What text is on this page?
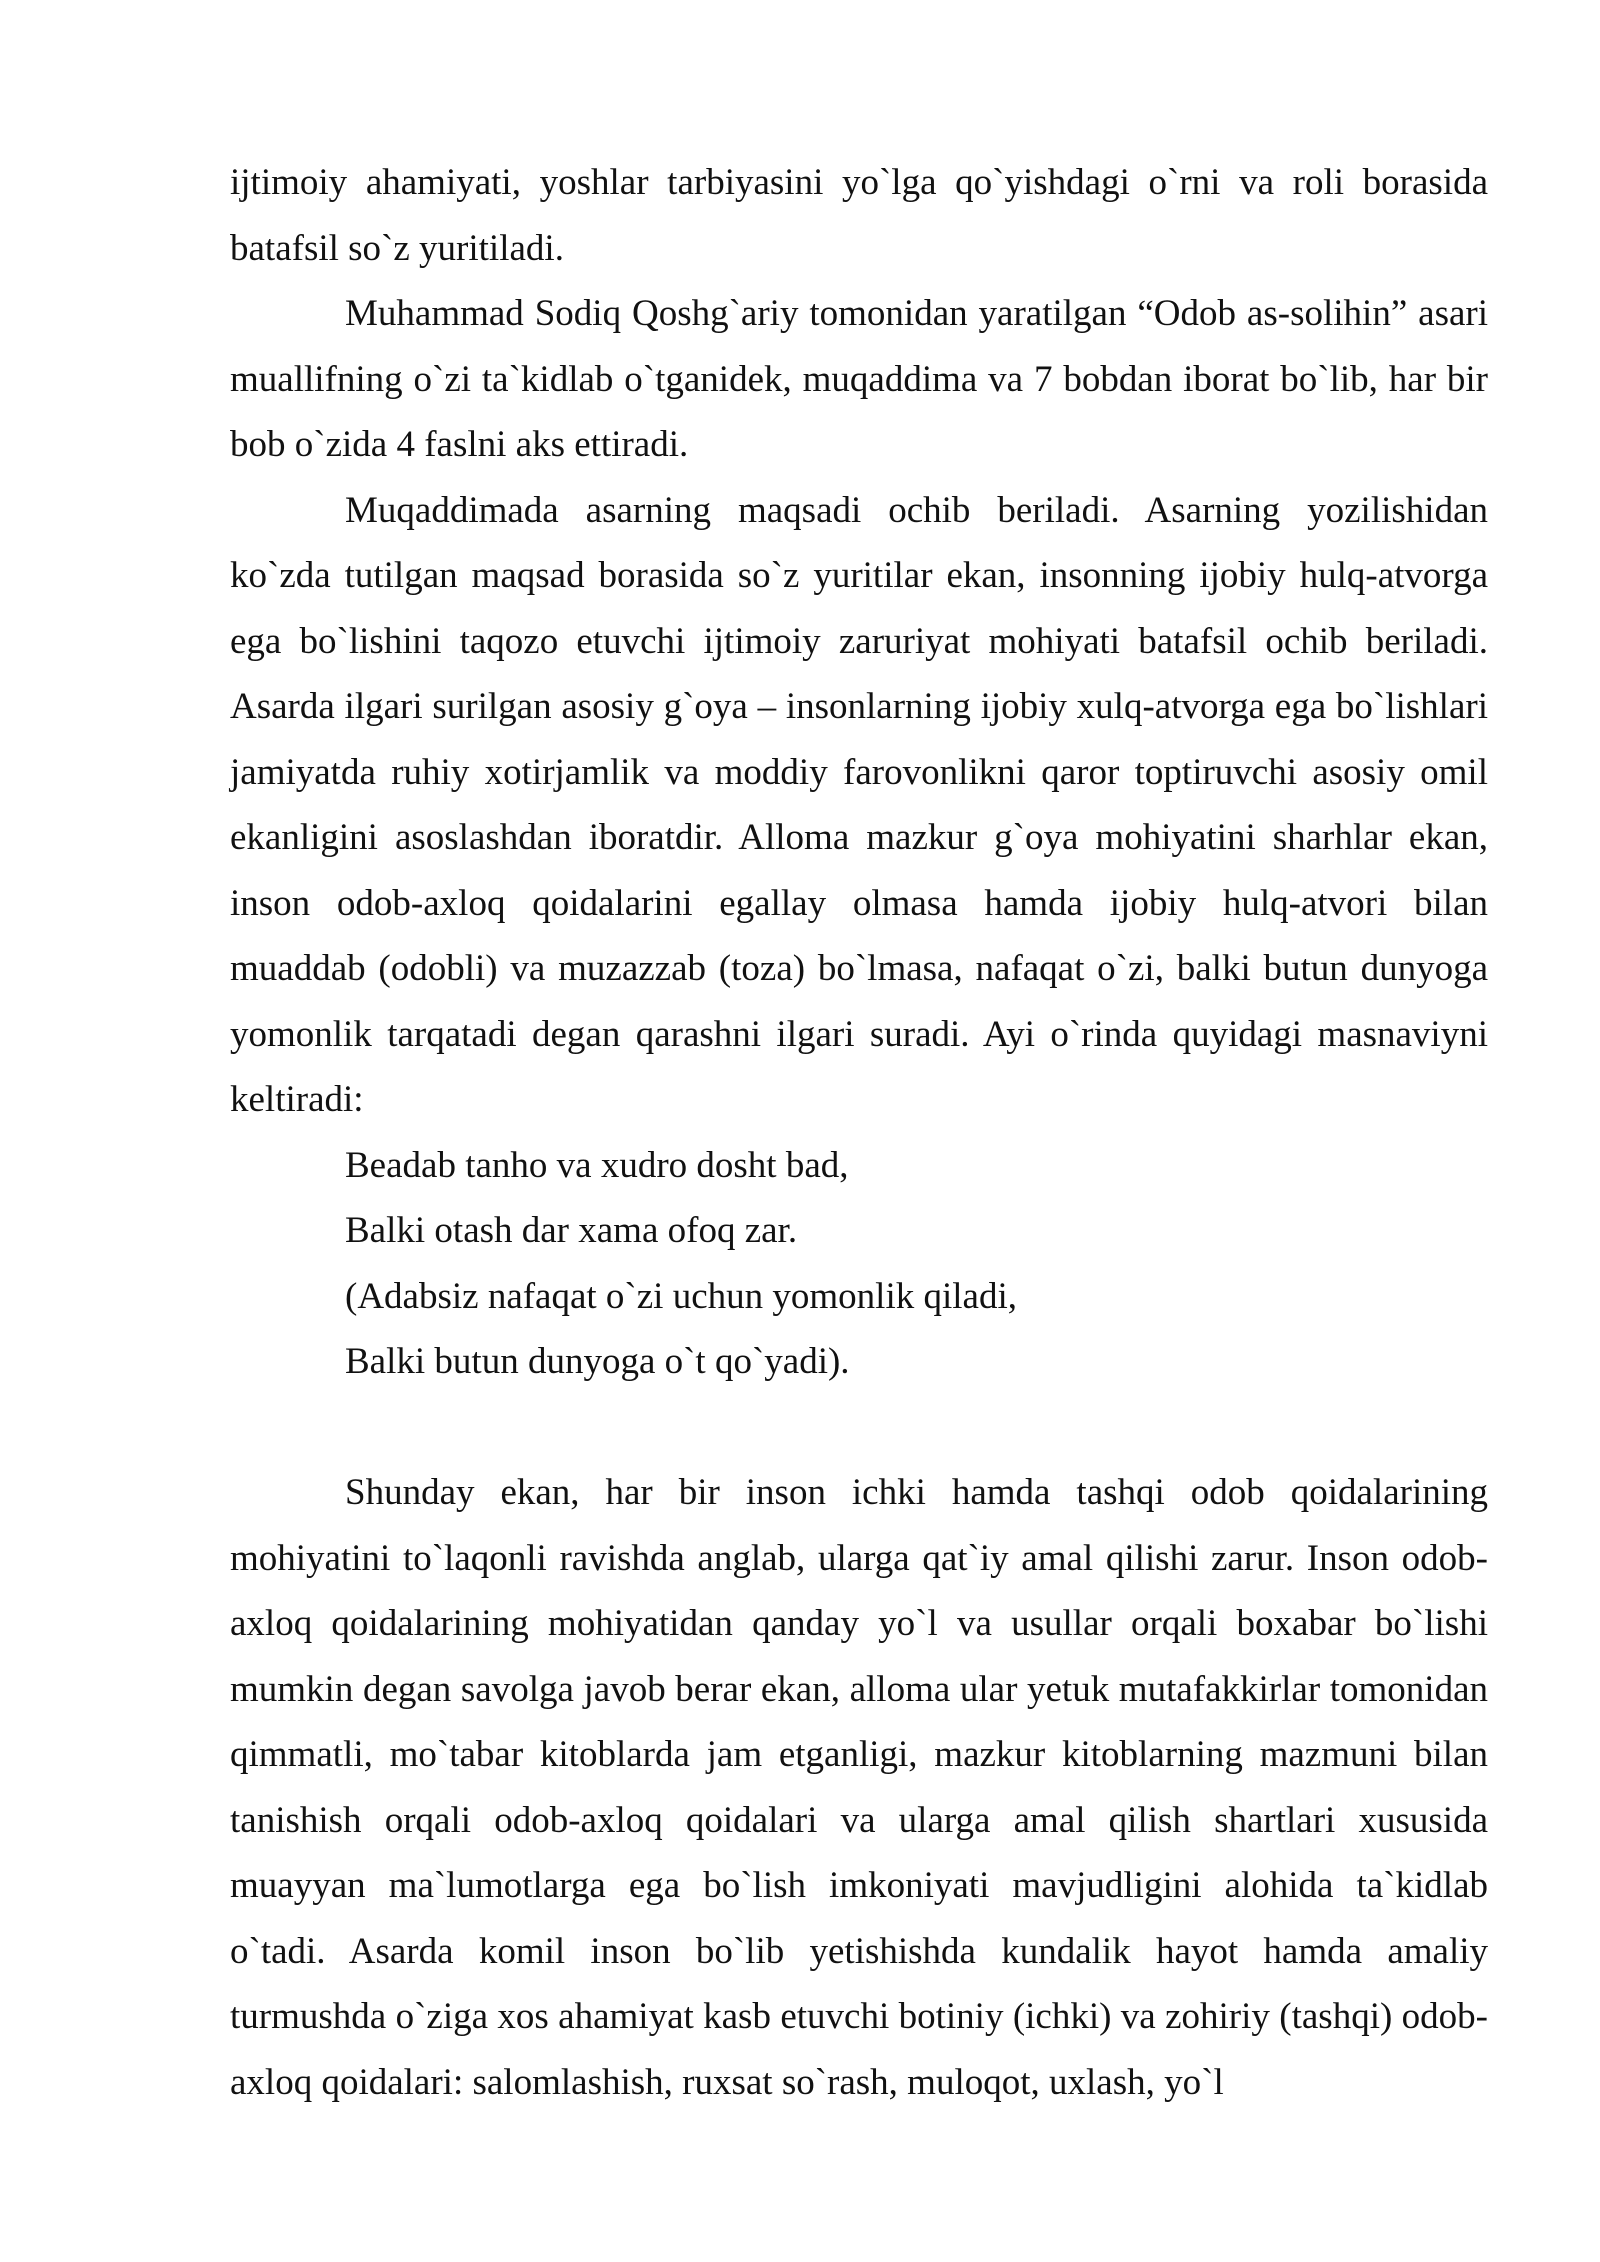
ijtimoiy ahamiyati, yoshlar tarbiyasini yo`lga qo`yishdagi o`rni va roli borasida batafsil so`z yuritiladi.

Muhammad Sodiq Qoshg`ariy tomonidan yaratilgan “Odob as-solihin” asari muallifning o`zi ta`kidlab o`tganidek, muqaddima va 7 bobdan iborat bo`lib, har bir bob o`zida 4 faslni aks ettiradi.

Muqaddimada asarning maqsadi ochib beriladi. Asarning yozilishidan ko`zda tutilgan maqsad borasida so`z yuritilar ekan, insonning ijobiy hulq-atvorga ega bo`lishini taqozo etuvchi ijtimoiy zaruriyat mohiyati batafsil ochib beriladi. Asarda ilgari surilgan asosiy g`oya – insonlarning ijobiy xulq-atvorga ega bo`lishlari jamiyatda ruhiy xotirjamlik va moddiy farovonlikni qaror toptiruvchi asosiy omil ekanligini asoslashdan iboratdir. Alloma mazkur g`oya mohiyatini sharhlar ekan, inson odob-axloq qoidalarini egallay olmasa hamda ijobiy hulq-atvori bilan muaddab (odobli) va muzazzab (toza) bo`lmasa, nafaqat o`zi, balki butun dunyoga yomonlik tarqatadi degan qarashni ilgari suradi. Ayi o`rinda quyidagi masnaviyni keltiradi:

Beadab tanho va xudro dosht bad,
Balki otash dar xama ofoq zar.
(Adabsiz nafaqat o`zi uchun yomonlik qiladi,
Balki butun dunyoga o`t qo`yadi).

Shunday ekan, har bir inson ichki hamda tashqi odob qoidalarining mohiyatini to`laqonli ravishda anglab, ularga qat`iy amal qilishi zarur. Inson odob-axloq qoidalarining mohiyatidan qanday yo`l va usullar orqali boxabar bo`lishi mumkin degan savolga javob berar ekan, alloma ular yetuk mutafakkirlar tomonidan qimmatli, mo`tabar kitoblarda jam etganligi, mazkur kitoblarning mazmuni bilan tanishish orqali odob-axloq qoidalari va ularga amal qilish shartlari xususida muayyan ma`lumotlarga ega bo`lish imkoniyati mavjudligini alohida ta`kidlab o`tadi. Asarda komil inson bo`lib yetishishda kundalik hayot hamda amaliy turmushda o`ziga xos ahamiyat kasb etuvchi botiniy (ichki) va zohiriy (tashqi) odob-axloq qoidalari: salomlashish, ruxsat so`rash, muloqot, uxlash, yo`l
